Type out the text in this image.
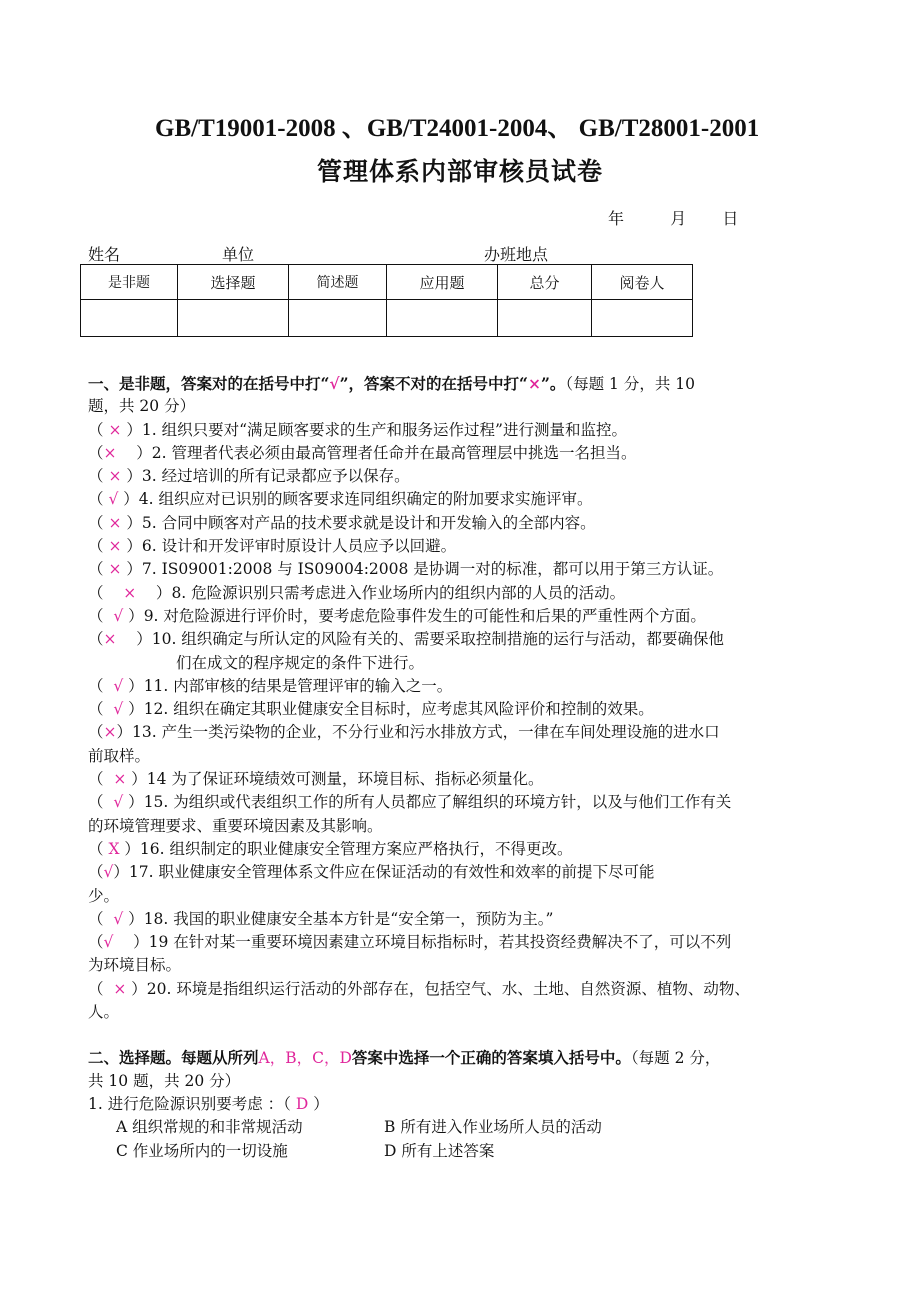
GB/T19001-2008 、GB/T24001-2004、 GB/T28001-2001
管理体系内部审核员试卷
年	月 日
姓名	单位	办班地点
是非题	选择题	简述题	应用题	总分	阅卷人

一、是非题，答案对的在括号中打“√”，答案不对的在括号中打“×”。（每题 1 分，共 10
题，共 20 分）
（ × ）1. 组织只要对“满足顾客要求的生产和服务运作过程”进行测量和监控。
（×    ）2. 管理者代表必须由最高管理者任命并在最高管理层中挑选一名担当。
（ × ）3. 经过培训的所有记录都应予以保存。
（ √ ）4. 组织应对已识别的顾客要求连同组织确定的附加要求实施评审。
（ × ）5. 合同中顾客对产品的技术要求就是设计和开发输入的全部内容。
（ × ）6. 设计和开发评审时原设计人员应予以回避。
（ × ）7. IS09001:2008 与 IS09004:2008 是协调一对的标准，都可以用于第三方认证。
（    ×    ）8. 危险源识别只需考虑进入作业场所内的组织内部的人员的活动。
（  √ ）9. 对危险源进行评价时，要考虑危险事件发生的可能性和后果的严重性两个方面。
（×    ）10. 组织确定与所认定的风险有关的、需要采取控制措施的运行与活动，都要确保他
们在成文的程序规定的条件下进行。
（  √ ）11. 内部审核的结果是管理评审的输入之一。
（  √ ）12. 组织在确定其职业健康安全目标时，应考虑其风险评价和控制的效果。
（×）13. 产生一类污染物的企业，不分行业和污水排放方式，一律在车间处理设施的进水口
前取样。
（  × ）14 为了保证环境绩效可测量，环境目标、指标必须量化。
（  √ ）15. 为组织或代表组织工作的所有人员都应了解组织的环境方针，以及与他们工作有关
的环境管理要求、重要环境因素及其影响。
（ X ）16. 组织制定的职业健康安全管理方案应严格执行，不得更改。
（√）17. 职业健康安全管理体系文件应在保证活动的有效性和效率的前提下尽可能
少。
（  √ ）18. 我国的职业健康安全基本方针是“安全第一，预防为主。”
（√    ）19 在针对某一重要环境因素建立环境目标指标时，若其投资经费解决不了，可以不列
为环境目标。
（  × ）20. 环境是指组织运行活动的外部存在，包括空气、水、土地、自然资源、植物、动物、
人。
二、选择题。每题从所列A，B，C，D答案中选择一个正确的答案填入括号中。（每题 2 分，
共 10 题，共 20 分）
1. 进行危险源识别要考虑 ：（ D ）
A 组织常规的和非常规活动	B 所有进入作业场所人员的活动
C 作业场所内的一切设施	D 所有上述答案
